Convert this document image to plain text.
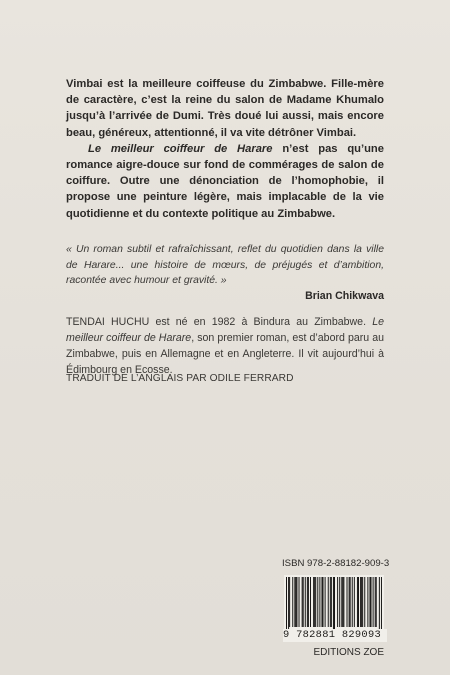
Vimbai est la meilleure coiffeuse du Zimbabwe. Fille-mère de caractère, c’est la reine du salon de Madame Khumalo jusqu’à l’arrivée de Dumi. Très doué lui aussi, mais encore beau, généreux, attentionné, il va vite détrôner Vimbai.

Le meilleur coiffeur de Harare n’est pas qu’une romance aigre-douce sur fond de commérages de salon de coiffure. Outre une dénonciation de l’homophobie, il propose une peinture légère, mais implacable de la vie quotidienne et du contexte politique au Zimbabwe.

« Un roman subtil et rafraîchissant, reflet du quotidien dans la ville de Harare... une histoire de mœurs, de préjugés et d’ambition, racontée avec humour et gravité. »
Brian Chikwava
TENDAI HUCHU est né en 1982 à Bindura au Zimbabwe. Le meilleur coiffeur de Harare, son premier roman, est d’abord paru au Zimbabwe, puis en Allemagne et en Angleterre. Il vit aujourd’hui à Édimbourg en Ecosse.
TRADUIT DE L’ANGLAIS PAR ODILE FERRARD
ISBN 978-2-88182-909-3
9 782881 829093
EDITIONS ZOE
